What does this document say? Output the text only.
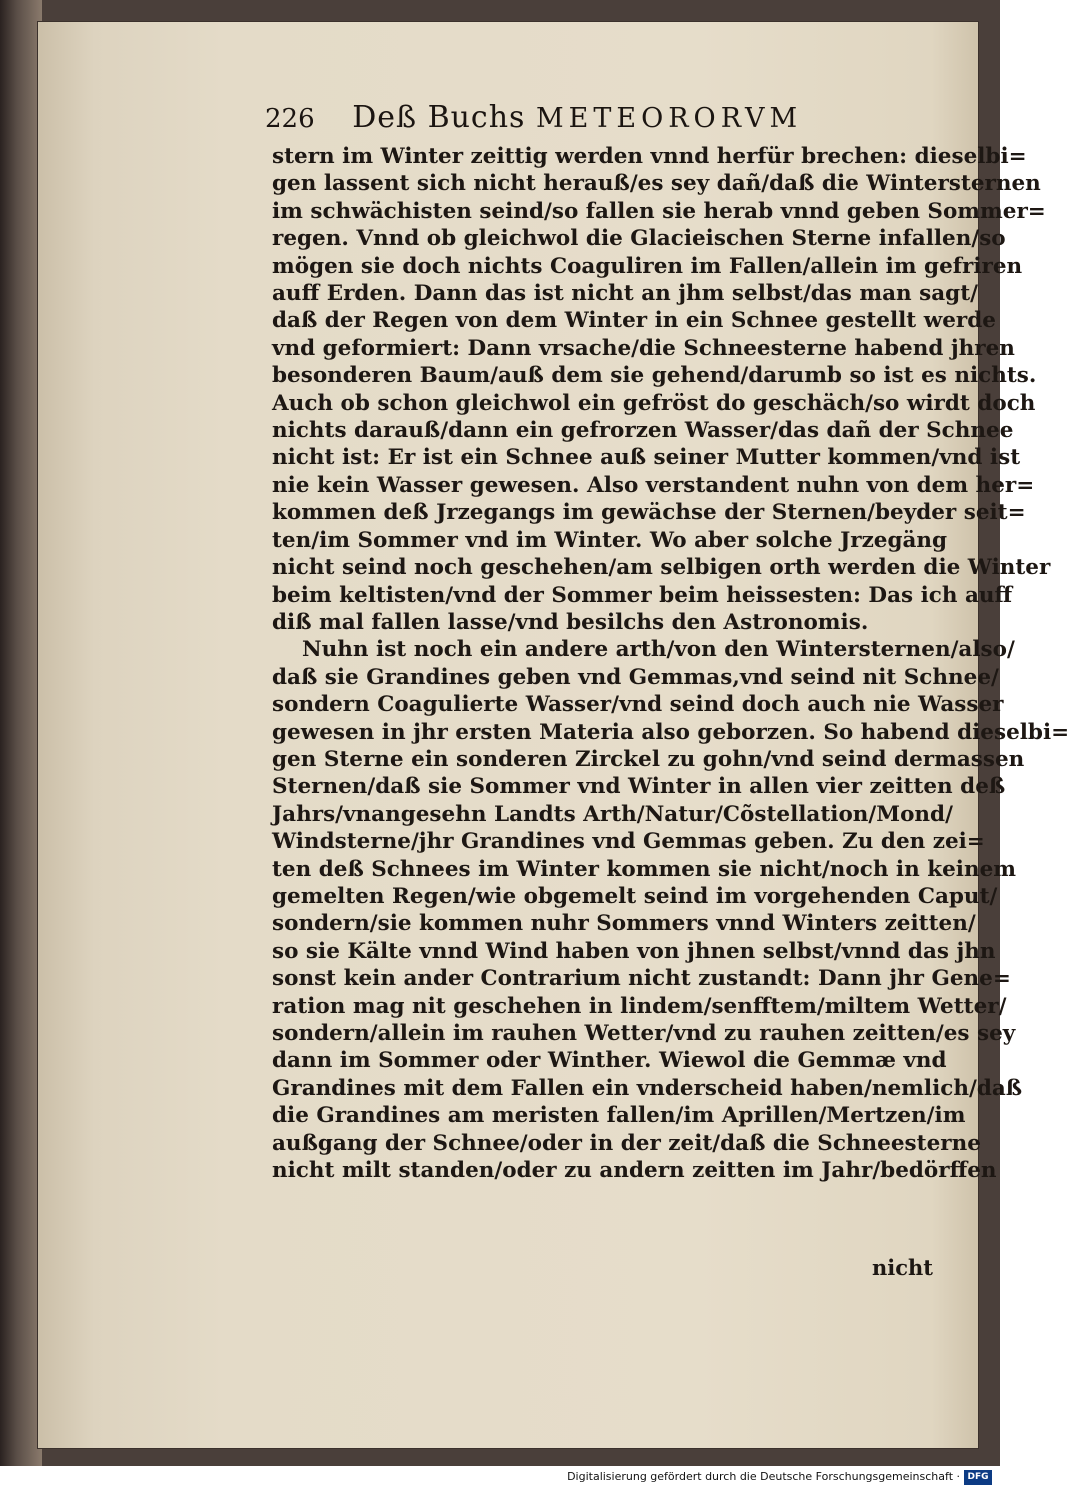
226 Deß Buchs METEORORVM
stern im Winter zeittig werden vnnd herfür brechen: dieselbi=
gen lassent sich nicht herauß/es sey dañ/daß die Wintersternen
im schwächisten seind/so fallen sie herab vnnd geben Sommer=
regen. Vnnd ob gleichwol die Glacieischen Sterne infallen/so
mögen sie doch nichts Coaguliren im Fallen/allein im gefriren
auff Erden. Dann das ist nicht an jhm selbst/das man sagt/
daß der Regen von dem Winter in ein Schnee gestellt werde
vnd geformiert: Dann vrsache/die Schneesterne habend jhren
besonderen Baum/auß dem sie gehend/darumb so ist es nichts.
Auch ob schon gleichwol ein gefröst do geschäch/so wirdt doch
nichts darauß/dann ein gefrorzen Wasser/das dañ der Schnee
nicht ist: Er ist ein Schnee auß seiner Mutter kommen/vnd ist
nie kein Wasser gewesen. Also verstandent nuhn von dem her=
kommen deß Jrzegangs im gewächse der Sternen/beyder seit=
ten/im Sommer vnd im Winter. Wo aber solche Jrzegäng
nicht seind noch geschehen/am selbigen orth werden die Winter
beim keltisten/vnd der Sommer beim heissesten: Das ich auff
diß mal fallen lasse/vnd besilchs den Astronomis.
Nuhn ist noch ein andere arth/von den Wintersternen/also/
daß sie Grandines geben vnd Gemmas,vnd seind nit Schnee/
sondern Coagulierte Wasser/vnd seind doch auch nie Wasser
gewesen in jhr ersten Materia also geborzen. So habend dieselbi=
gen Sterne ein sonderen Zirckel zu gohn/vnd seind dermassen
Sternen/daß sie Sommer vnd Winter in allen vier zeitten deß
Jahrs/vnangesehn Landts Arth/Natur/Cõstellation/Mond/
Windsterne/jhr Grandines vnd Gemmas geben. Zu den zei=
ten deß Schnees im Winter kommen sie nicht/noch in keinem
gemelten Regen/wie obgemelt seind im vorgehenden Caput/
sondern/sie kommen nuhr Sommers vnnd Winters zeitten/
so sie Kälte vnnd Wind haben von jhnen selbst/vnnd das jhn
sonst kein ander Contrarium nicht zustandt: Dann jhr Gene=
ration mag nit geschehen in lindem/senfftem/miltem Wetter/
sondern/allein im rauhen Wetter/vnd zu rauhen zeitten/es sey
dann im Sommer oder Winther. Wiewol die Gemmæ vnd
Grandines mit dem Fallen ein vnderscheid haben/nemlich/daß
die Grandines am meristen fallen/im Aprillen/Mertzen/im
außgang der Schnee/oder in der zeit/daß die Schneesterne
nicht milt standen/oder zu andern zeitten im Jahr/bedörffen
nicht
Digitalisierung gefördert durch die Deutsche Forschungsgemeinschaft · DFG
